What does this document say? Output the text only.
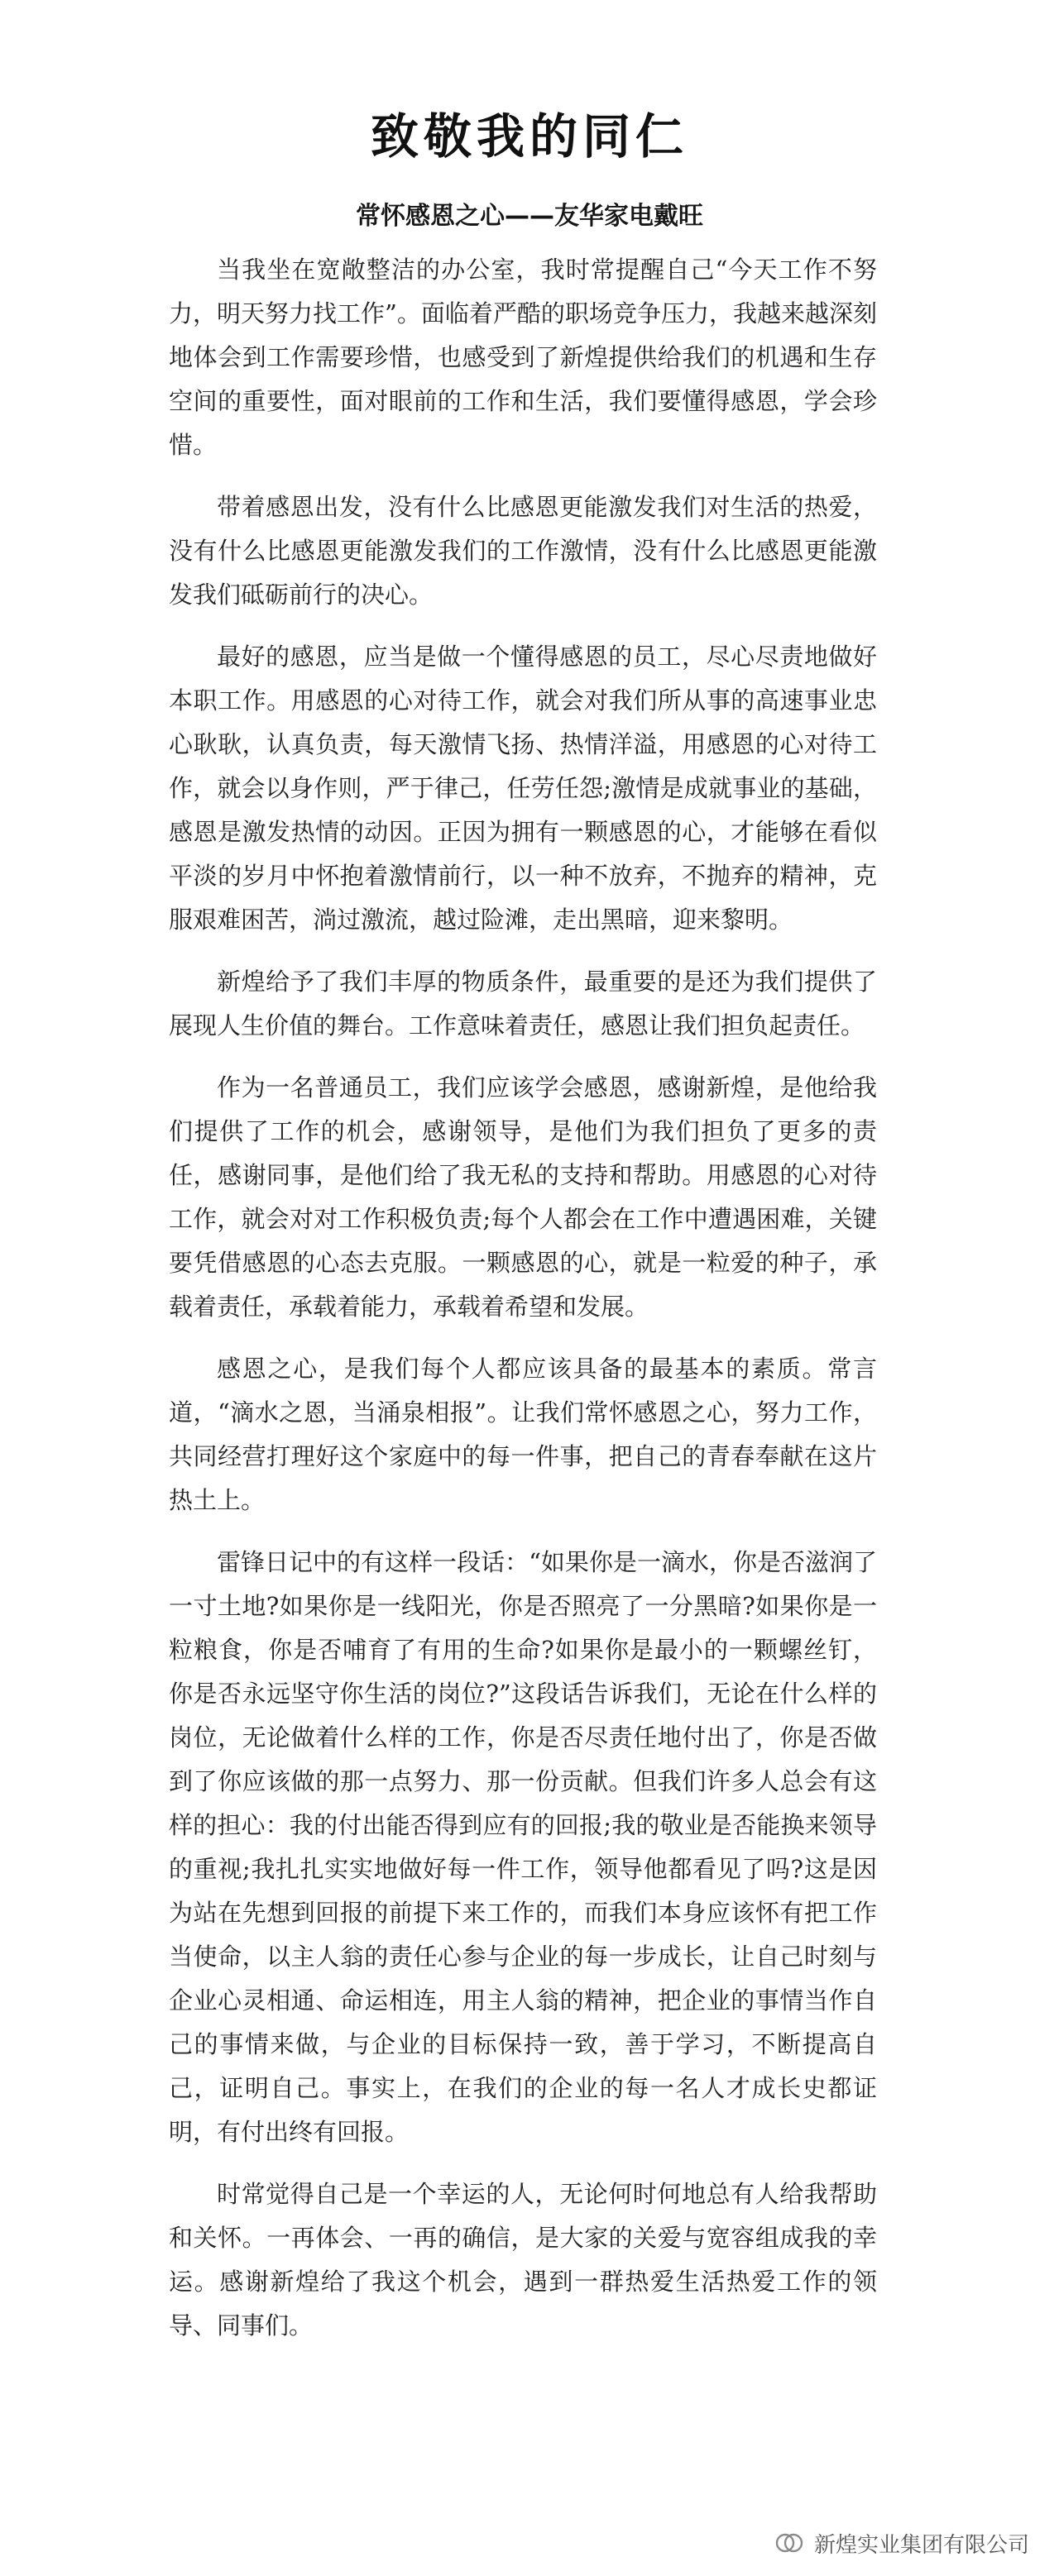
致敬我的同仁
常怀感恩之心——友华家电戴旺

当我坐在宽敞整洁的办公室，我时常提醒自己“今天工作不努力，明天努力找工作”。面临着严酷的职场竞争压力，我越来越深刻地体会到工作需要珍惜，也感受到了新煌提供给我们的机遇和生存空间的重要性，面对眼前的工作和生活，我们要懂得感恩，学会珍惜。

带着感恩出发，没有什么比感恩更能激发我们对生活的热爱，没有什么比感恩更能激发我们的工作激情，没有什么比感恩更能激发我们砥砺前行的决心。

最好的感恩，应当是做一个懂得感恩的员工，尽心尽责地做好本职工作。用感恩的心对待工作，就会对我们所从事的高速事业忠心耿耿，认真负责，每天激情飞扬、热情洋溢，用感恩的心对待工作，就会以身作则，严于律己，任劳任怨;激情是成就事业的基础，感恩是激发热情的动因。正因为拥有一颗感恩的心，才能够在看似平淡的岁月中怀抱着激情前行，以一种不放弃，不抛弃的精神，克服艰难困苦，淌过激流，越过险滩，走出黑暗，迎来黎明。

新煌给予了我们丰厚的物质条件，最重要的是还为我们提供了展现人生价值的舞台。工作意味着责任，感恩让我们担负起责任。

作为一名普通员工，我们应该学会感恩，感谢新煌，是他给我们提供了工作的机会，感谢领导，是他们为我们担负了更多的责任，感谢同事，是他们给了我无私的支持和帮助。用感恩的心对待工作，就会对对工作积极负责;每个人都会在工作中遭遇困难，关键要凭借感恩的心态去克服。一颗感恩的心，就是一粒爱的种子，承载着责任，承载着能力，承载着希望和发展。

感恩之心，是我们每个人都应该具备的最基本的素质。常言道，“滴水之恩，当涌泉相报”。让我们常怀感恩之心，努力工作，共同经营打理好这个家庭中的每一件事，把自己的青春奉献在这片热土上。

雷锋日记中的有这样一段话：“如果你是一滴水，你是否滋润了一寸土地?如果你是一线阳光，你是否照亮了一分黑暗?如果你是一粒粮食，你是否哺育了有用的生命?如果你是最小的一颗螺丝钉，你是否永远坚守你生活的岗位?”这段话告诉我们，无论在什么样的岗位，无论做着什么样的工作，你是否尽责任地付出了，你是否做到了你应该做的那一点努力、那一份贡献。但我们许多人总会有这样的担心：我的付出能否得到应有的回报;我的敬业是否能换来领导的重视;我扎扎实实地做好每一件工作，领导他都看见了吗?这是因为站在先想到回报的前提下来工作的，而我们本身应该怀有把工作当使命，以主人翁的责任心参与企业的每一步成长，让自己时刻与企业心灵相通、命运相连，用主人翁的精神，把企业的事情当作自己的事情来做，与企业的目标保持一致，善于学习，不断提高自己，证明自己。事实上，在我们的企业的每一名人才成长史都证明，有付出终有回报。

时常觉得自己是一个幸运的人，无论何时何地总有人给我帮助和关怀。一再体会、一再的确信，是大家的关爱与宽容组成我的幸运。感谢新煌给了我这个机会，遇到一群热爱生活热爱工作的领导、同事们。

新煌实业集团有限公司
